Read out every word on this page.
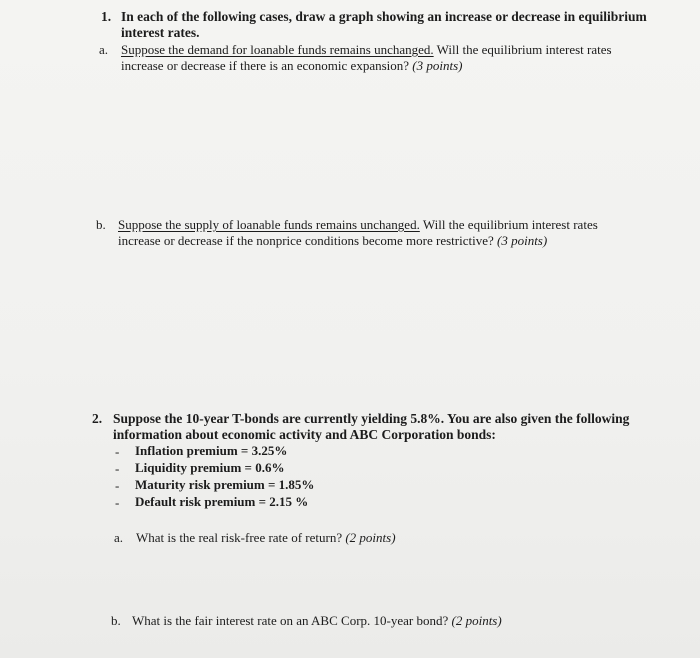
1. In each of the following cases, draw a graph showing an increase or decrease in equilibrium
interest rates.
a. Suppose the demand for loanable funds remains unchanged. Will the equilibrium interest rates
increase or decrease if there is an economic expansion? (3 points)
b. Suppose the supply of loanable funds remains unchanged. Will the equilibrium interest rates
increase or decrease if the nonprice conditions become more restrictive? (3 points)
2. Suppose the 10-year T-bonds are currently yielding 5.8%. You are also given the following
information about economic activity and ABC Corporation bonds:
- Inflation premium = 3.25%
- Liquidity premium = 0.6%
- Maturity risk premium = 1.85%
- Default risk premium = 2.15 %
a. What is the real risk-free rate of return? (2 points)
b. What is the fair interest rate on an ABC Corp. 10-year bond? (2 points)
